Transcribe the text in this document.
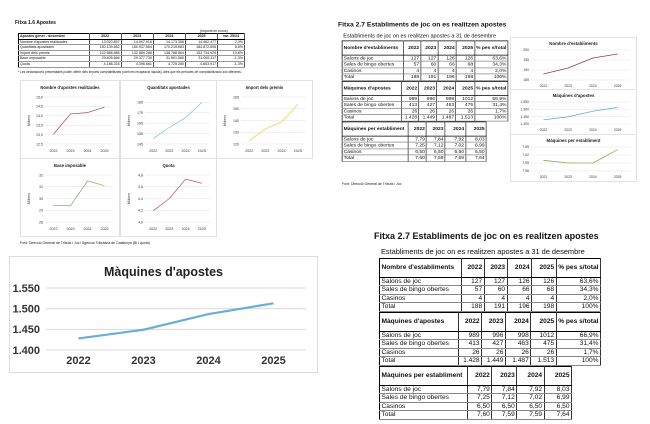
Fitxa 1.6 Apostes
(Imports en euros)
Apostes gener - desembre	2022	2023	2024	2025	var. 25/24
Nombre d'apostes realitzades	13.020.857	14.097.016	14.173.356	14.462.477	2,0%
Quantitats apostades	150.139.662	160.937.564	170.215.683	184.872.606	8,6%
Import dels premis	122.688.886	132.889.288	138.788.864	153.734.929	10,8%
Base imposable	29.405.666	29.377.730	31.501.560	31.092.117	-1,3%
Quota	4.188.316	4.396.661	4.725.280	4.663.917	-1,3%
* Les declaracions presentades poden diferir dels imports comptabilitzats (conform recaptació líquida), atès que els períodes de comptabilització són diferents.
Nombre d'apostes realitzades
12,5
13,0
13,5
14,0
14,5
15,0
2022	2023	2024	2025
Milions
Quantitats apostades
145
155
165
175
185
2022 2023 2024 2025
Milions
Import dels premis
120
130
140
150
160
2022 2023 2024 2025
Milions
Base imposable
28
29
30
31
32
2022	2023	2024	2025
Milions
Quota
4,0
4,2
4,4
4,6
4,8
2022 2023 2024 2025
Milions
Font: Direcció General de Tributs i Joc i Agència Tributària de Catalunya (BI i quota)
Fitxa 2.7 Establiments de joc on es realitzen apostes
Establiments de joc on es realitzen apostes a 31 de desembre
Nombre d'establiments	2022	2023	2024	2025	% pes s/total
Salons de joc	127	127	126	126	63,6%
Sales de bingo obertes	57	60	66	68	34,3%
Casinos	4	4	4	4	2,0%
Total	188	191	196	198	100%
Màquines d'apostes	2022	2023	2024	2025	% pes s/total
Salons de joc	989	996	998	1012	66,9%
Sales de bingo obertes	413	427	463	475	31,4%
Casinos	26	26	26	26	1,7%
Total	1.428	1.449	1.487	1.513	100%
Màquines per establiment	2022	2023	2024	2025
Salons de joc	7,79	7,84	7,92	8,03
Sales de bingo obertes	7,25	7,12	7,02	6,99
Casinos	6,50	6,50	6,50	6,50
Total	7,60	7,59	7,59	7,64
Nombre d'establiments
185
190
195
200
2022	2023	2024	2025
Màquines d'apostes
1.400
1.450
1.500
1.550
2022	2023	2024	2025
Màquines per establiment
7,56
7,59
7,62
7,65
2022	2023	2024	2025
Font: Direcció General de Tributs i Joc
Màquines d'apostes
1.400
1.450
1.500
1.550
2022	2023	2024	2025
Fitxa 2.7 Establiments de joc on es realitzen apostes
Establiments de joc on es realitzen apostes a 31 de desembre
Nombre d'establiments	2022	2023	2024	2025	% pes s/total
Salons de joc	127	127	126	126	63,6%
Sales de bingo obertes	57	60	66	68	34,3%
Casinos	4	4	4	4	2,0%
Total	188	191	196	198	100%
Màquines d'apostes	2022	2023	2024	2025	% pes s/total
Salons de joc	989	996	998	1012	66,9%
Sales de bingo obertes	413	427	463	475	31,4%
Casinos	26	26	26	26	1,7%
Total	1.428	1.449	1.487	1.513	100%
Màquines per establiment	2022	2023	2024	2025
Salons de joc	7,79	7,84	7,92	8,03
Sales de bingo obertes	7,25	7,12	7,02	6,99
Casinos	6,50	6,50	6,50	6,50
Total	7,60	7,59	7,59	7,64
